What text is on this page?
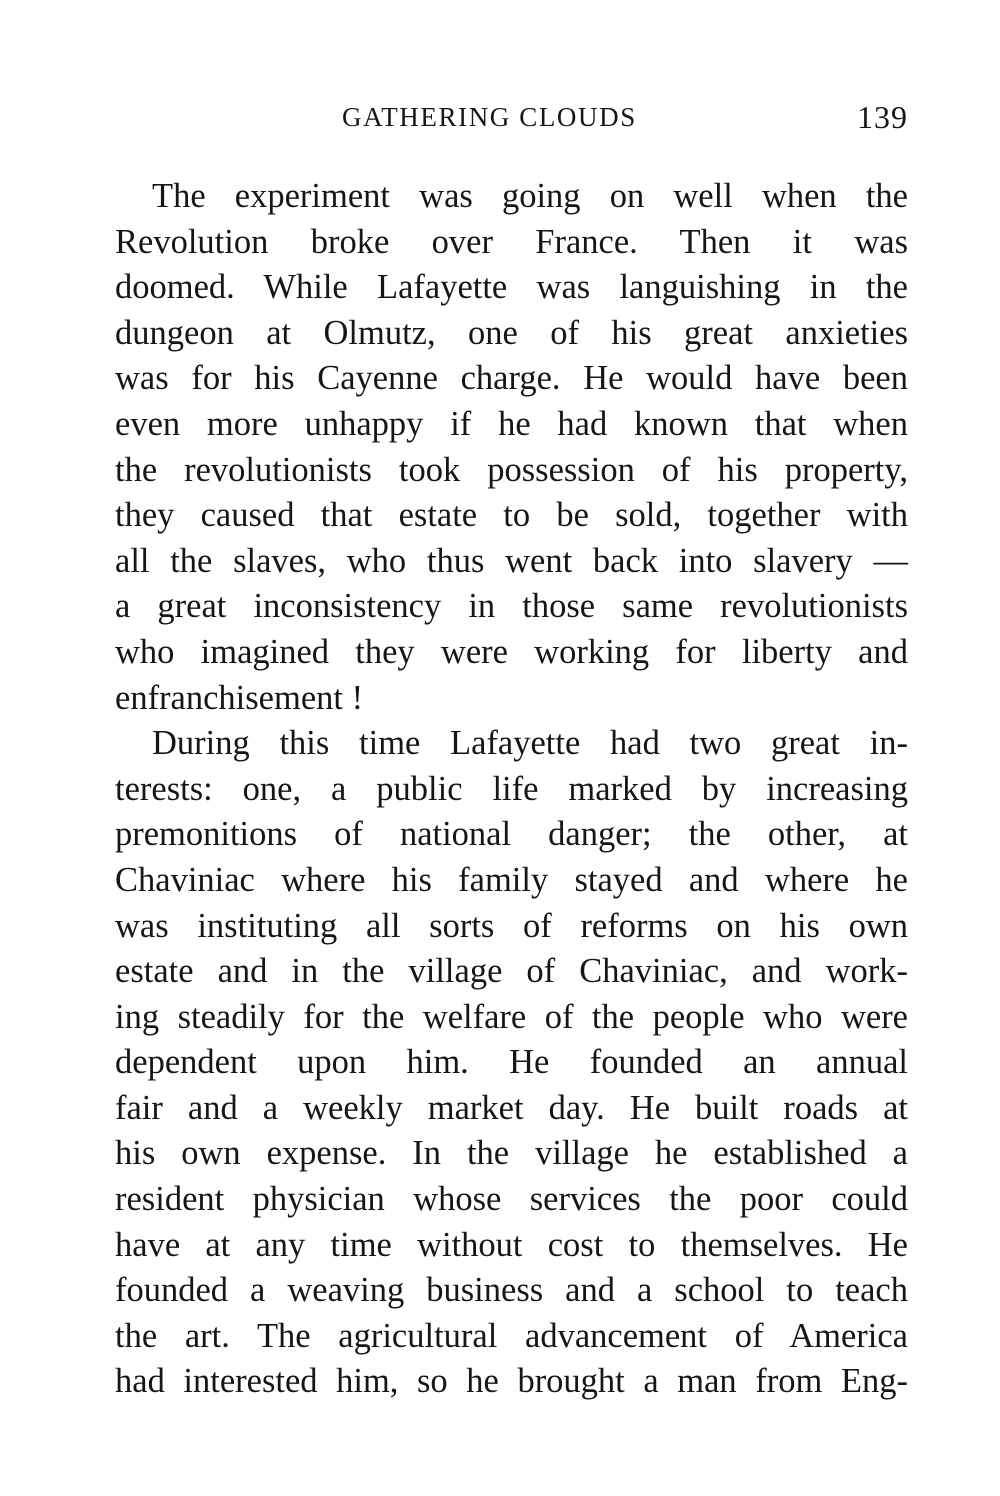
GATHERING CLOUDS	139
The experiment was going on well when the
Revolution broke over France. Then it was
doomed. While Lafayette was languishing in the
dungeon at Olmutz, one of his great anxieties
was for his Cayenne charge. He would have been
even more unhappy if he had known that when
the revolutionists took possession of his property,
they caused that estate to be sold, together with
all the slaves, who thus went back into slavery —
a great inconsistency in those same revolutionists
who imagined they were working for liberty and
enfranchisement !
During this time Lafayette had two great in-
terests: one, a public life marked by increasing
premonitions of national danger; the other, at
Chaviniac where his family stayed and where he
was instituting all sorts of reforms on his own
estate and in the village of Chaviniac, and work-
ing steadily for the welfare of the people who were
dependent upon him. He founded an annual
fair and a weekly market day. He built roads at
his own expense. In the village he established a
resident physician whose services the poor could
have at any time without cost to themselves. He
founded a weaving business and a school to teach
the art. The agricultural advancement of America
had interested him, so he brought a man from Eng-
